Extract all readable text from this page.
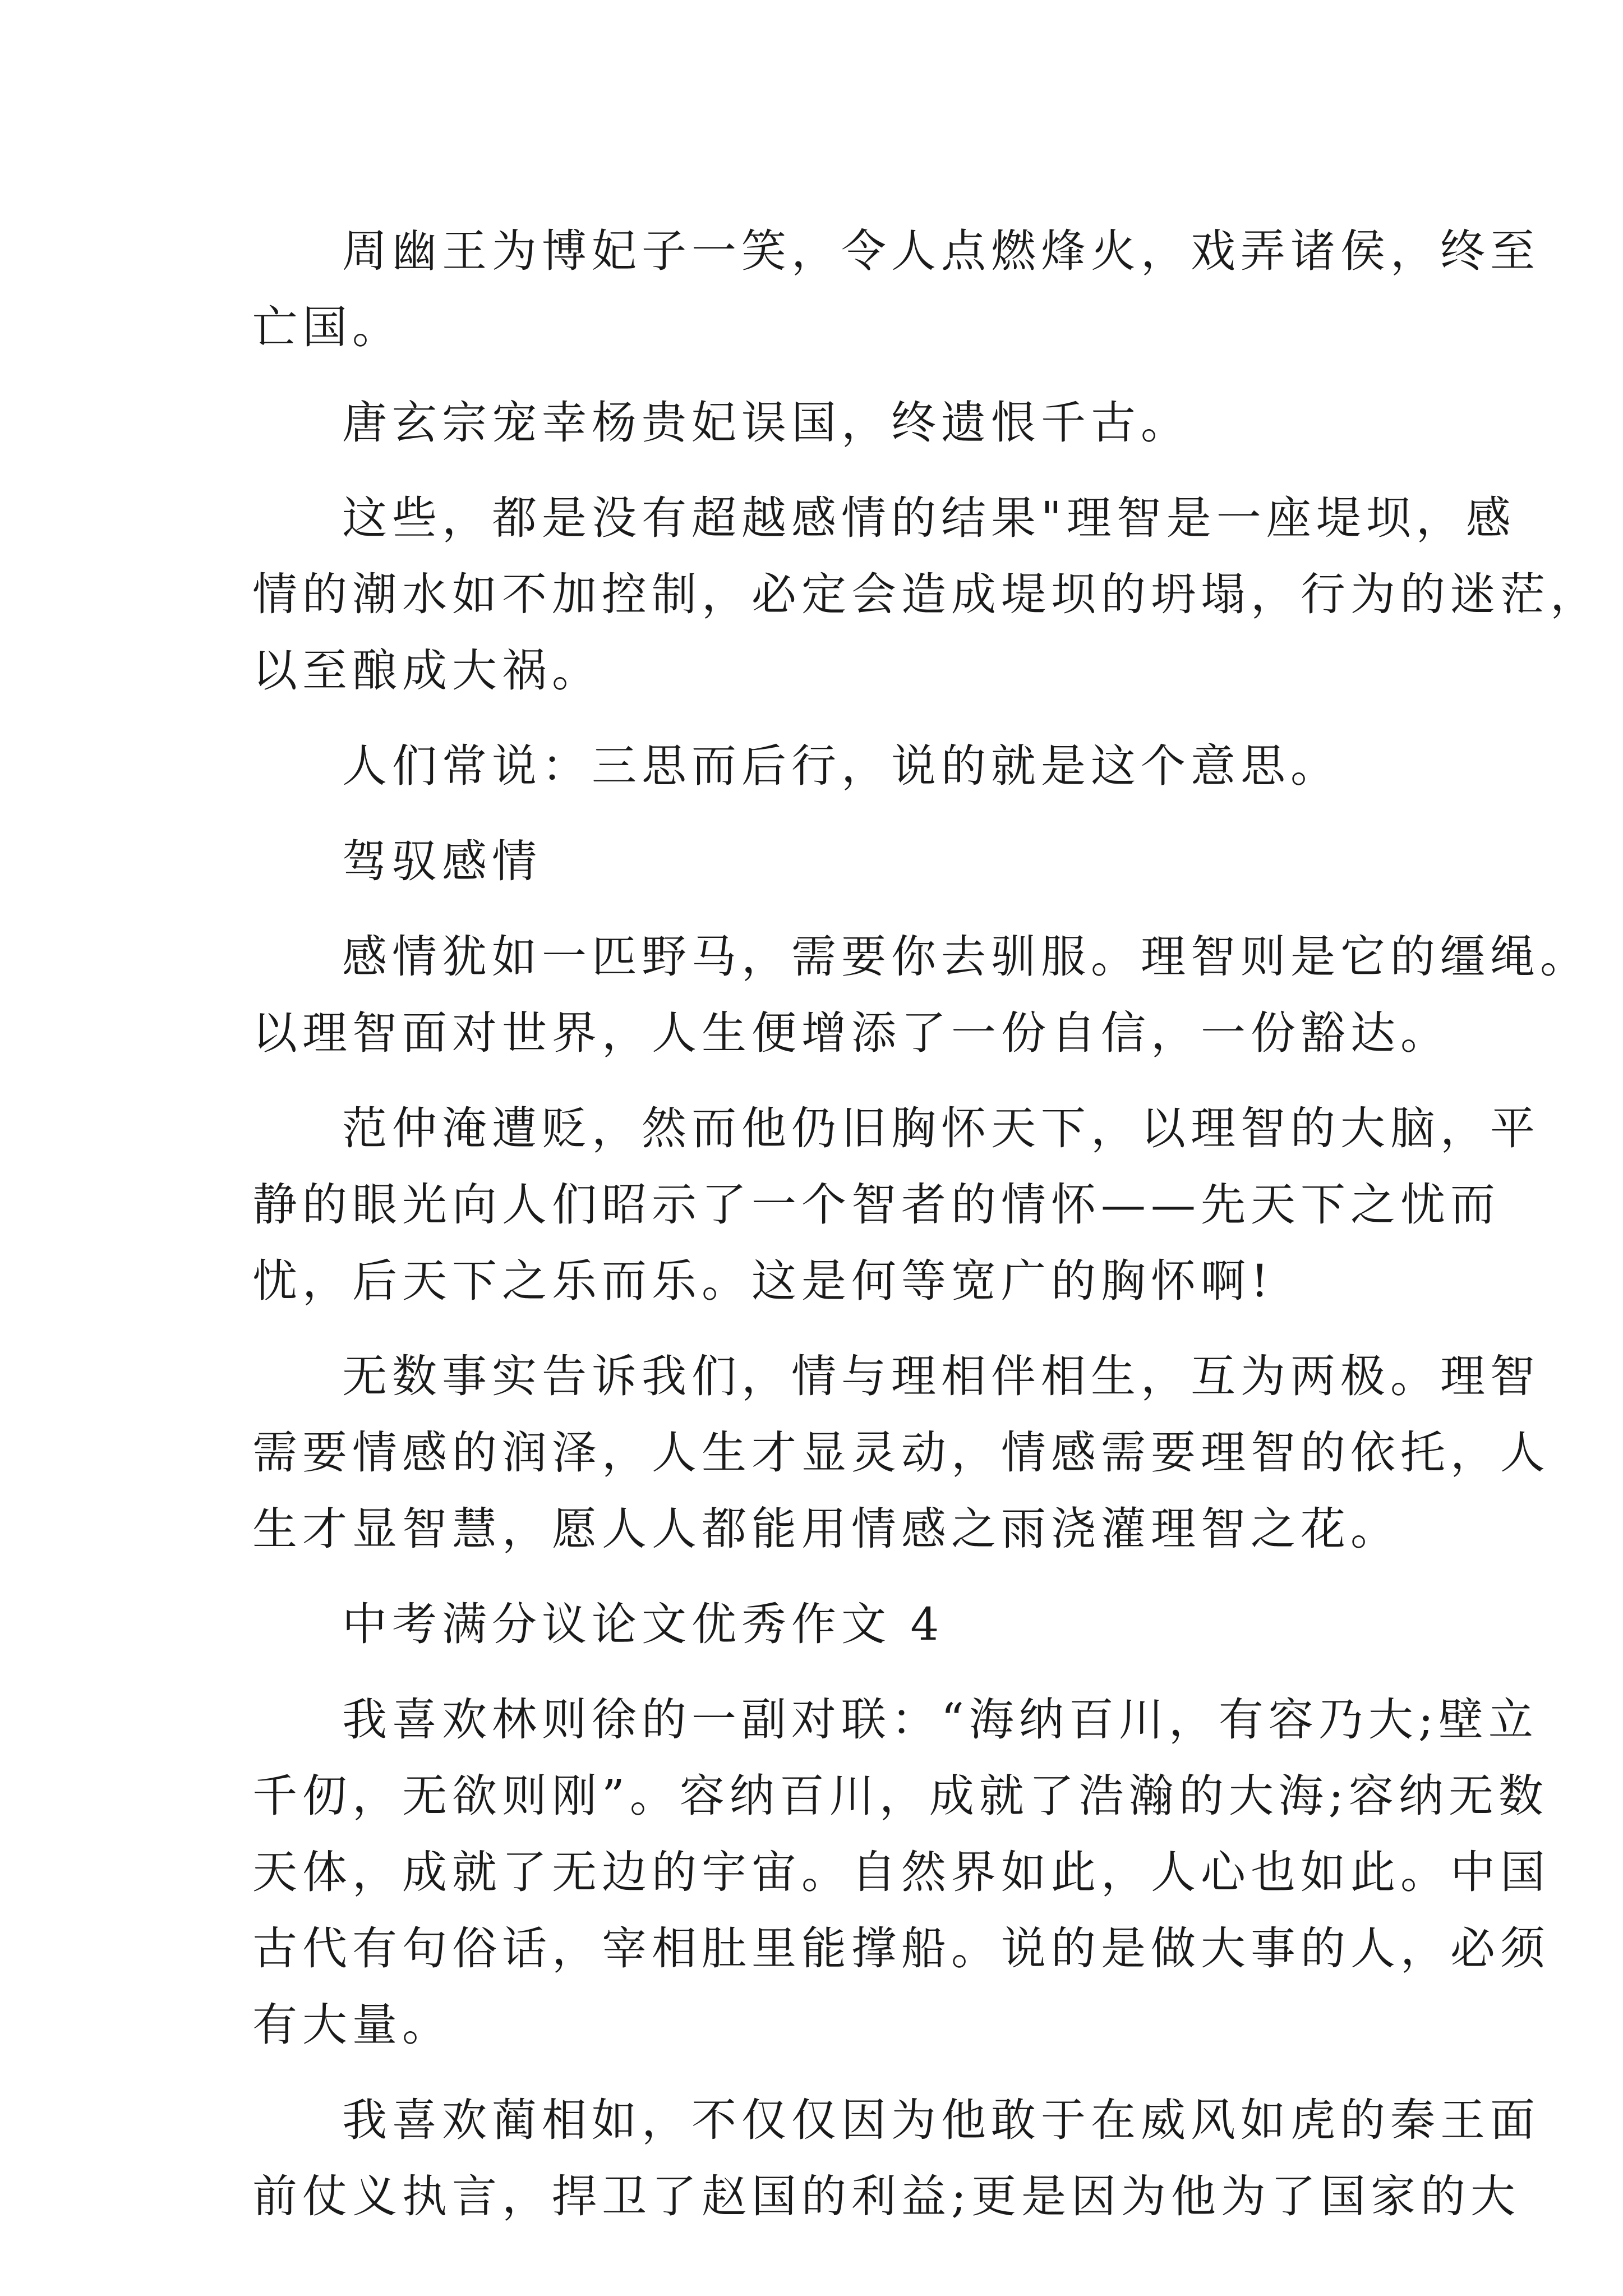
周幽王为博妃子一笑，令人点燃烽火，戏弄诸侯，终至
亡国。
唐玄宗宠幸杨贵妃误国，终遗恨千古。
这些，都是没有超越感情的结果"理智是一座堤坝，感
情的潮水如不加控制，必定会造成堤坝的坍塌，行为的迷茫，
以至酿成大祸。
人们常说：三思而后行，说的就是这个意思。
驾驭感情
感情犹如一匹野马，需要你去驯服。理智则是它的缰绳。
以理智面对世界，人生便增添了一份自信，一份豁达。
范仲淹遭贬，然而他仍旧胸怀天下，以理智的大脑，平
静的眼光向人们昭示了一个智者的情怀——先天下之忧而
忧，后天下之乐而乐。这是何等宽广的胸怀啊!
无数事实告诉我们，情与理相伴相生，互为两极。理智
需要情感的润泽，人生才显灵动，情感需要理智的依托，人
生才显智慧，愿人人都能用情感之雨浇灌理智之花。
中考满分议论文优秀作文 4
我喜欢林则徐的一副对联：“海纳百川，有容乃大;壁立
千仞，无欲则刚”。容纳百川，成就了浩瀚的大海;容纳无数
天体，成就了无边的宇宙。自然界如此，人心也如此。中国
古代有句俗话，宰相肚里能撑船。说的是做大事的人，必须
有大量。
我喜欢蔺相如，不仅仅因为他敢于在威风如虎的秦王面
前仗义执言，捍卫了赵国的利益;更是因为他为了国家的大
